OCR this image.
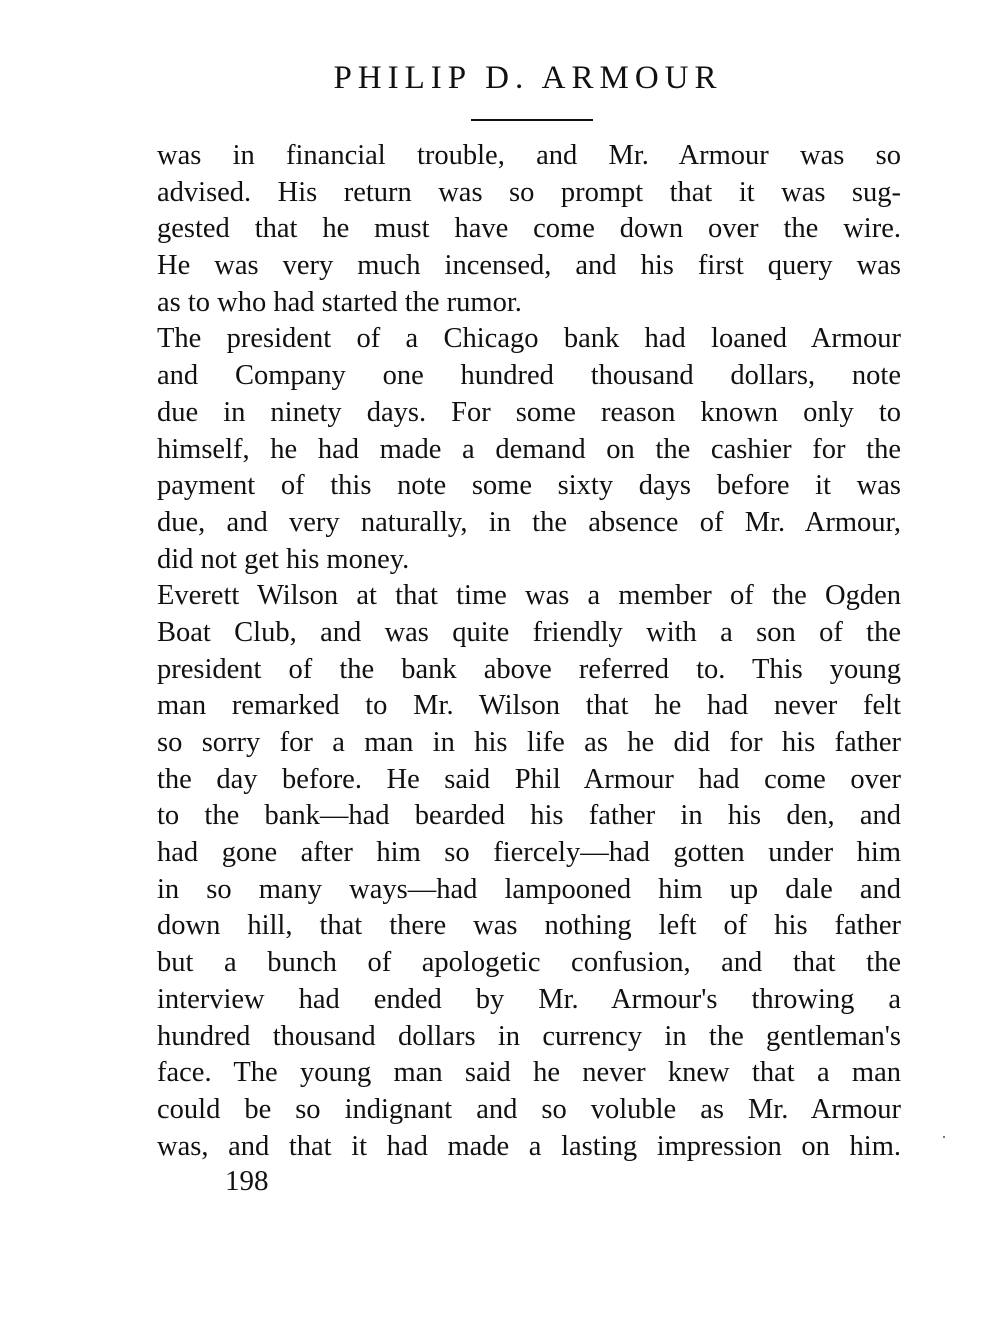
PHILIP D. ARMOUR
was in financial trouble, and Mr. Armour was so
advised. His return was so prompt that it was sug-
gested that he must have come down over the wire.
He was very much incensed, and his first query was
as to who had started the rumor.
The president of a Chicago bank had loaned Armour
and Company one hundred thousand dollars, note
due in ninety days. For some reason known only to
himself, he had made a demand on the cashier for the
payment of this note some sixty days before it was
due, and very naturally, in the absence of Mr. Armour,
did not get his money.
Everett Wilson at that time was a member of the Ogden
Boat Club, and was quite friendly with a son of the
president of the bank above referred to. This young
man remarked to Mr. Wilson that he had never felt
so sorry for a man in his life as he did for his father
the day before. He said Phil Armour had come over
to the bank—had bearded his father in his den, and
had gone after him so fiercely—had gotten under him
in so many ways—had lampooned him up dale and
down hill, that there was nothing left of his father
but a bunch of apologetic confusion, and that the
interview had ended by Mr. Armour's throwing a
hundred thousand dollars in currency in the gentleman's
face. The young man said he never knew that a man
could be so indignant and so voluble as Mr. Armour
was, and that it had made a lasting impression on him.
198
